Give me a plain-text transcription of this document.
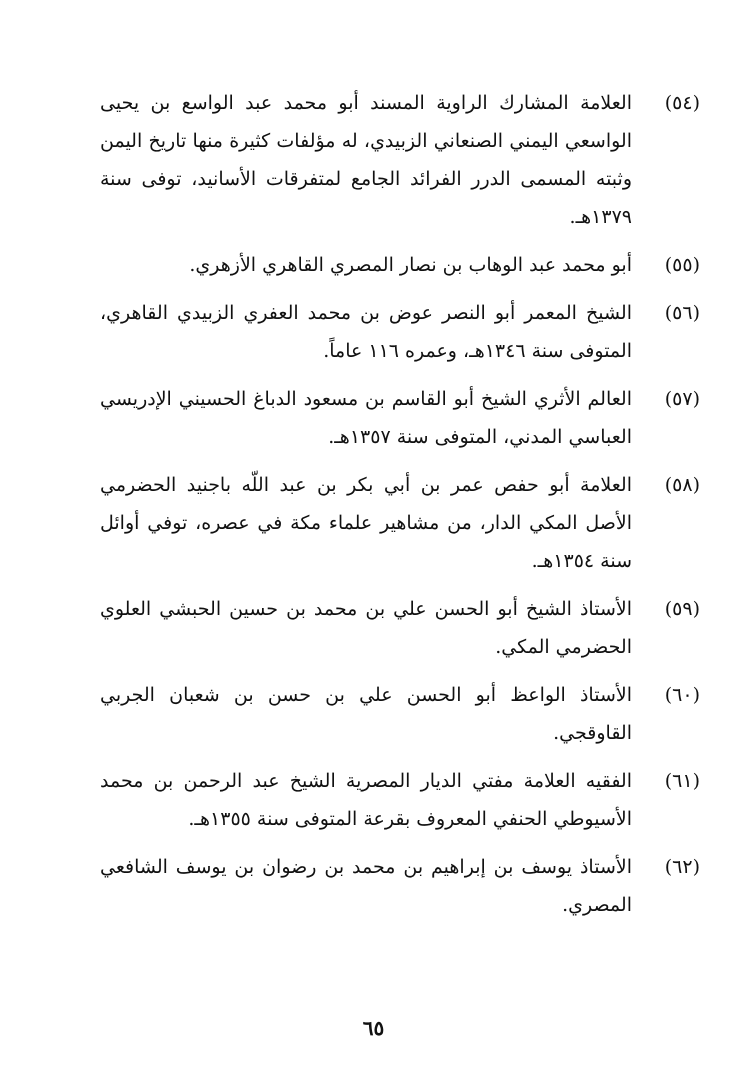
(٥٤)
العلامة المشارك الراوية المسند أبو محمد عبد الواسع بن يحيى
الواسعي اليمني الصنعاني الزبيدي، له مؤلفات كثيرة منها تاريخ اليمن
وثبته المسمى الدرر الفرائد الجامع لمتفرقات الأسانيد، توفى سنة
١٣٧٩هـ.
(٥٥)
أبو محمد عبد الوهاب بن نصار المصري القاهري الأزهري.
(٥٦)
الشيخ المعمر أبو النصر عوض بن محمد العفري الزبيدي القاهري،
المتوفى سنة ١٣٤٦هـ، وعمره ١١٦ عاماً.
(٥٧)
العالم الأثري الشيخ أبو القاسم بن مسعود الدباغ الحسيني الإدريسي
العباسي المدني، المتوفى سنة ١٣٥٧هـ.
(٥٨)
العلامة أبو حفص عمر بن أبي بكر بن عبد اللّه باجنيد الحضرمي
الأصل المكي الدار، من مشاهير علماء مكة في عصره، توفي أوائل
سنة ١٣٥٤هـ.
(٥٩)
الأستاذ الشيخ أبو الحسن علي بن محمد بن حسين الحبشي العلوي
الحضرمي المكي.
(٦٠)
الأستاذ الواعظ أبو الحسن علي بن حسن بن شعبان الجربي
القاوقجي.
(٦١)
الفقيه العلامة مفتي الديار المصرية الشيخ عبد الرحمن بن محمد
الأسيوطي الحنفي المعروف بقرعة المتوفى سنة ١٣٥٥هـ.
(٦٢)
الأستاذ يوسف بن إبراهيم بن محمد بن رضوان بن يوسف الشافعي
المصري.
٦٥
